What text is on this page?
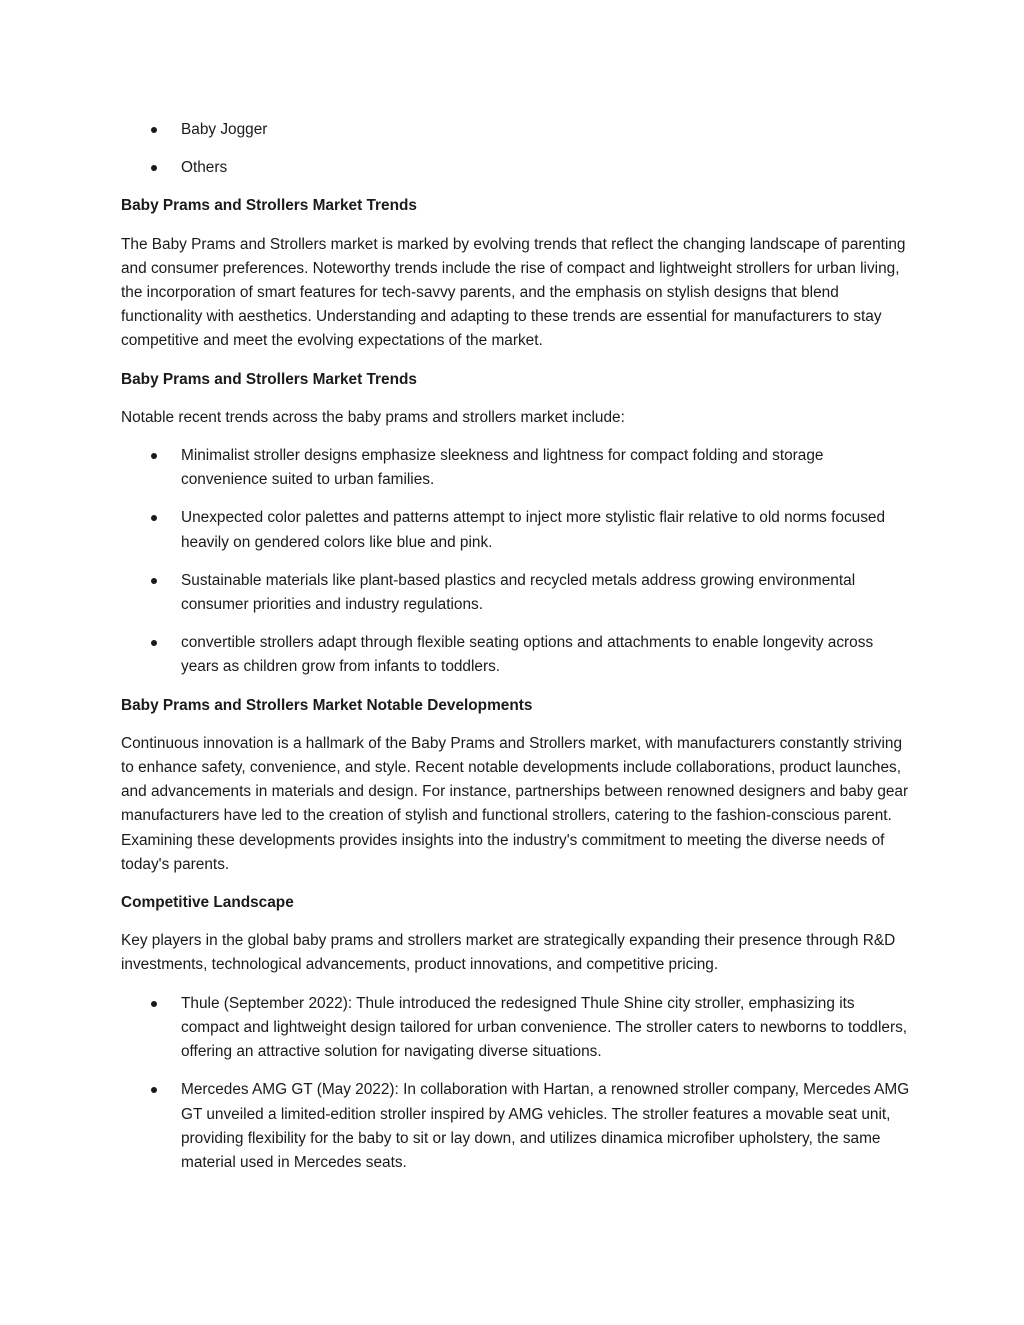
Baby Jogger
Others
Baby Prams and Strollers Market Trends

The Baby Prams and Strollers market is marked by evolving trends that reflect the changing landscape of parenting and consumer preferences. Noteworthy trends include the rise of compact and lightweight strollers for urban living, the incorporation of smart features for tech-savvy parents, and the emphasis on stylish designs that blend functionality with aesthetics. Understanding and adapting to these trends are essential for manufacturers to stay competitive and meet the evolving expectations of the market.

Baby Prams and Strollers Market Trends

Notable recent trends across the baby prams and strollers market include:

Minimalist stroller designs emphasize sleekness and lightness for compact folding and storage convenience suited to urban families.
Unexpected color palettes and patterns attempt to inject more stylistic flair relative to old norms focused heavily on gendered colors like blue and pink.
Sustainable materials like plant-based plastics and recycled metals address growing environmental consumer priorities and industry regulations.
convertible strollers adapt through flexible seating options and attachments to enable longevity across years as children grow from infants to toddlers.
Baby Prams and Strollers Market Notable Developments

Continuous innovation is a hallmark of the Baby Prams and Strollers market, with manufacturers constantly striving to enhance safety, convenience, and style. Recent notable developments include collaborations, product launches, and advancements in materials and design. For instance, partnerships between renowned designers and baby gear manufacturers have led to the creation of stylish and functional strollers, catering to the fashion-conscious parent. Examining these developments provides insights into the industry's commitment to meeting the diverse needs of today's parents.

Competitive Landscape

Key players in the global baby prams and strollers market are strategically expanding their presence through R&D investments, technological advancements, product innovations, and competitive pricing.

Thule (September 2022): Thule introduced the redesigned Thule Shine city stroller, emphasizing its compact and lightweight design tailored for urban convenience. The stroller caters to newborns to toddlers, offering an attractive solution for navigating diverse situations.
Mercedes AMG GT (May 2022): In collaboration with Hartan, a renowned stroller company, Mercedes AMG GT unveiled a limited-edition stroller inspired by AMG vehicles. The stroller features a movable seat unit, providing flexibility for the baby to sit or lay down, and utilizes dinamica microfiber upholstery, the same material used in Mercedes seats.
